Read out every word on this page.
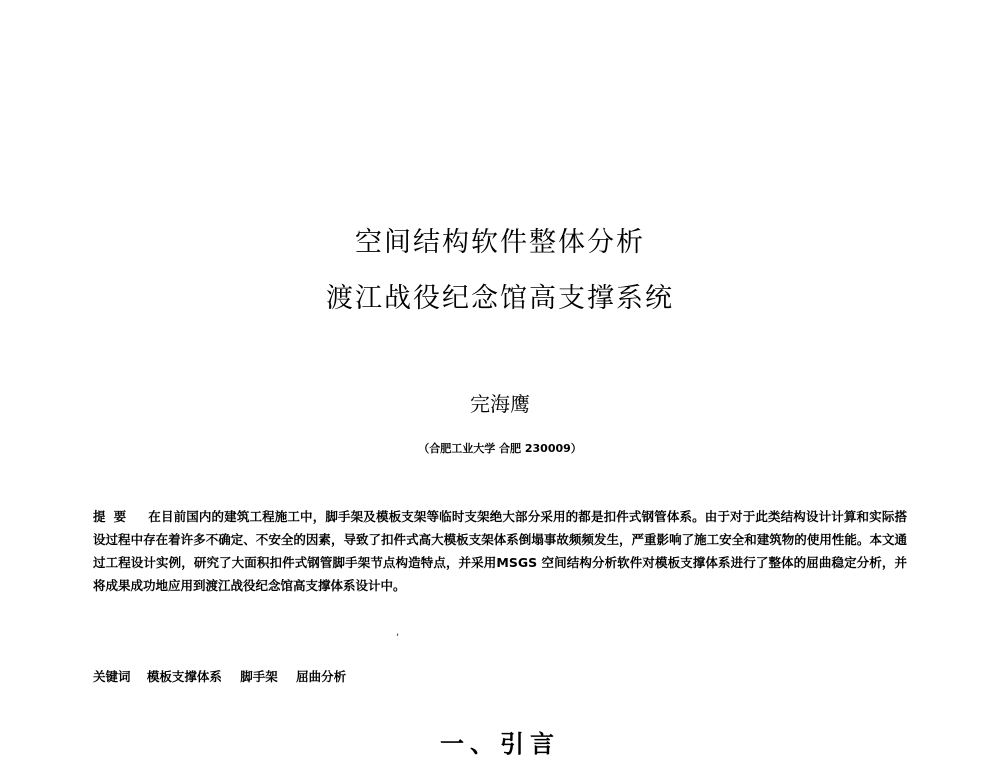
空间结构软件整体分析
渡江战役纪念馆高支撑系统
完海鹰
（合肥工业大学 合肥 230009）
提要 在目前国内的建筑工程施工中，脚手架及模板支架等临时支架绝大部分采用的都是扣件式钢管体系。由于对于此类结构设计计算和实际搭设过程中存在着许多不确定、不安全的因素，导致了扣件式高大模板支架体系倒塌事故频频发生，严重影响了施工安全和建筑物的使用性能。本文通过工程设计实例，研究了大面积扣件式钢管脚手架节点构造特点，并采用MSGS 空间结构分析软件对模板支撑体系进行了整体的屈曲稳定分析，并将成果成功地应用到渡江战役纪念馆高支撑体系设计中。
,
关键词 模板支撑体系 脚手架 屈曲分析
一、引言
